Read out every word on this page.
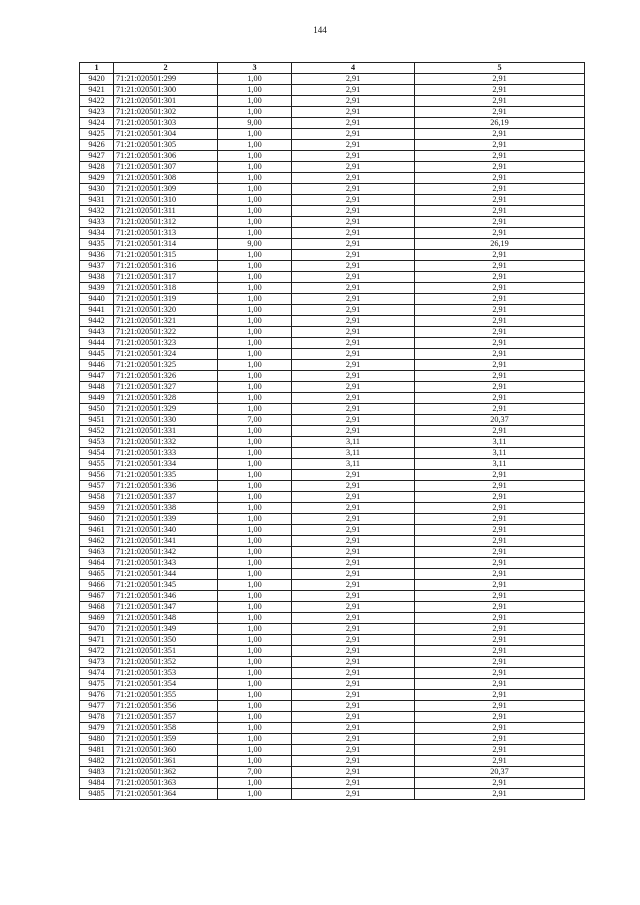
144
1	2	3	4	5
9420	71:21:020501:299	1,00	2,91	2,91
9421	71:21:020501:300	1,00	2,91	2,91
9422	71:21:020501:301	1,00	2,91	2,91
9423	71:21:020501:302	1,00	2,91	2,91
9424	71:21:020501:303	9,00	2,91	26,19
9425	71:21:020501:304	1,00	2,91	2,91
9426	71:21:020501:305	1,00	2,91	2,91
9427	71:21:020501:306	1,00	2,91	2,91
9428	71:21:020501:307	1,00	2,91	2,91
9429	71:21:020501:308	1,00	2,91	2,91
9430	71:21:020501:309	1,00	2,91	2,91
9431	71:21:020501:310	1,00	2,91	2,91
9432	71:21:020501:311	1,00	2,91	2,91
9433	71:21:020501:312	1,00	2,91	2,91
9434	71:21:020501:313	1,00	2,91	2,91
9435	71:21:020501:314	9,00	2,91	26,19
9436	71:21:020501:315	1,00	2,91	2,91
9437	71:21:020501:316	1,00	2,91	2,91
9438	71:21:020501:317	1,00	2,91	2,91
9439	71:21:020501:318	1,00	2,91	2,91
9440	71:21:020501:319	1,00	2,91	2,91
9441	71:21:020501:320	1,00	2,91	2,91
9442	71:21:020501:321	1,00	2,91	2,91
9443	71:21:020501:322	1,00	2,91	2,91
9444	71:21:020501:323	1,00	2,91	2,91
9445	71:21:020501:324	1,00	2,91	2,91
9446	71:21:020501:325	1,00	2,91	2,91
9447	71:21:020501:326	1,00	2,91	2,91
9448	71:21:020501:327	1,00	2,91	2,91
9449	71:21:020501:328	1,00	2,91	2,91
9450	71:21:020501:329	1,00	2,91	2,91
9451	71:21:020501:330	7,00	2,91	20,37
9452	71:21:020501:331	1,00	2,91	2,91
9453	71:21:020501:332	1,00	3,11	3,11
9454	71:21:020501:333	1,00	3,11	3,11
9455	71:21:020501:334	1,00	3,11	3,11
9456	71:21:020501:335	1,00	2,91	2,91
9457	71:21:020501:336	1,00	2,91	2,91
9458	71:21:020501:337	1,00	2,91	2,91
9459	71:21:020501:338	1,00	2,91	2,91
9460	71:21:020501:339	1,00	2,91	2,91
9461	71:21:020501:340	1,00	2,91	2,91
9462	71:21:020501:341	1,00	2,91	2,91
9463	71:21:020501:342	1,00	2,91	2,91
9464	71:21:020501:343	1,00	2,91	2,91
9465	71:21:020501:344	1,00	2,91	2,91
9466	71:21:020501:345	1,00	2,91	2,91
9467	71:21:020501:346	1,00	2,91	2,91
9468	71:21:020501:347	1,00	2,91	2,91
9469	71:21:020501:348	1,00	2,91	2,91
9470	71:21:020501:349	1,00	2,91	2,91
9471	71:21:020501:350	1,00	2,91	2,91
9472	71:21:020501:351	1,00	2,91	2,91
9473	71:21:020501:352	1,00	2,91	2,91
9474	71:21:020501:353	1,00	2,91	2,91
9475	71:21:020501:354	1,00	2,91	2,91
9476	71:21:020501:355	1,00	2,91	2,91
9477	71:21:020501:356	1,00	2,91	2,91
9478	71:21:020501:357	1,00	2,91	2,91
9479	71:21:020501:358	1,00	2,91	2,91
9480	71:21:020501:359	1,00	2,91	2,91
9481	71:21:020501:360	1,00	2,91	2,91
9482	71:21:020501:361	1,00	2,91	2,91
9483	71:21:020501:362	7,00	2,91	20,37
9484	71:21:020501:363	1,00	2,91	2,91
9485	71:21:020501:364	1,00	2,91	2,91
